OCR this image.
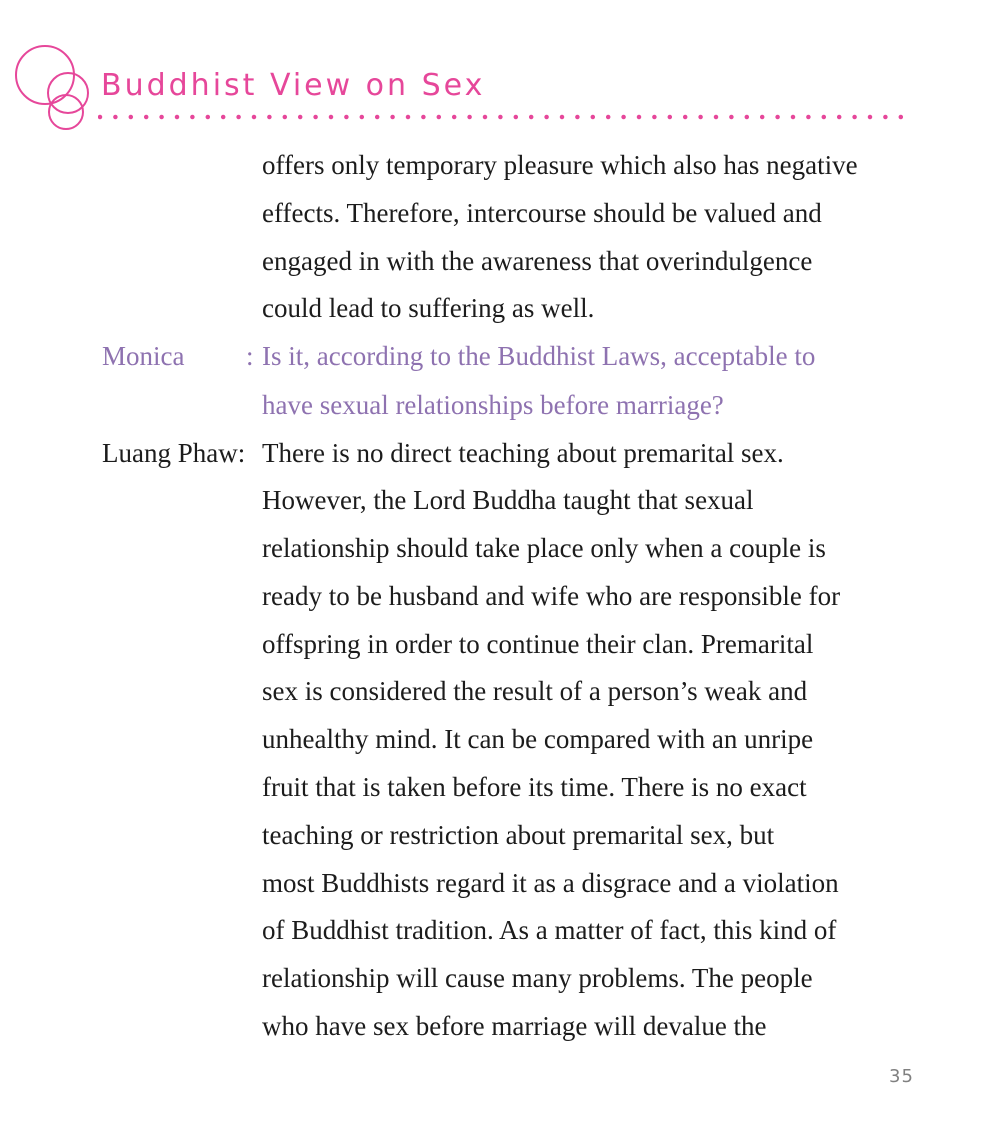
Buddhist View on Sex
offers only temporary pleasure which also has negative
effects. Therefore, intercourse should be valued and
engaged in with the awareness that overindulgence
could lead to suffering as well.
Monica : Is it, according to the Buddhist Laws, acceptable to
have sexual relationships before marriage?
Luang Phaw: There is no direct teaching about premarital sex.
However, the Lord Buddha taught that sexual
relationship should take place only when a couple is
ready to be husband and wife who are responsible for
offspring in order to continue their clan. Premarital
sex is considered the result of a person’s weak and
unhealthy mind. It can be compared with an unripe
fruit that is taken before its time. There is no exact
teaching or restriction about premarital sex, but
most Buddhists regard it as a disgrace and a violation
of Buddhist tradition. As a matter of fact, this kind of
relationship will cause many problems. The people
who have sex before marriage will devalue the
35
